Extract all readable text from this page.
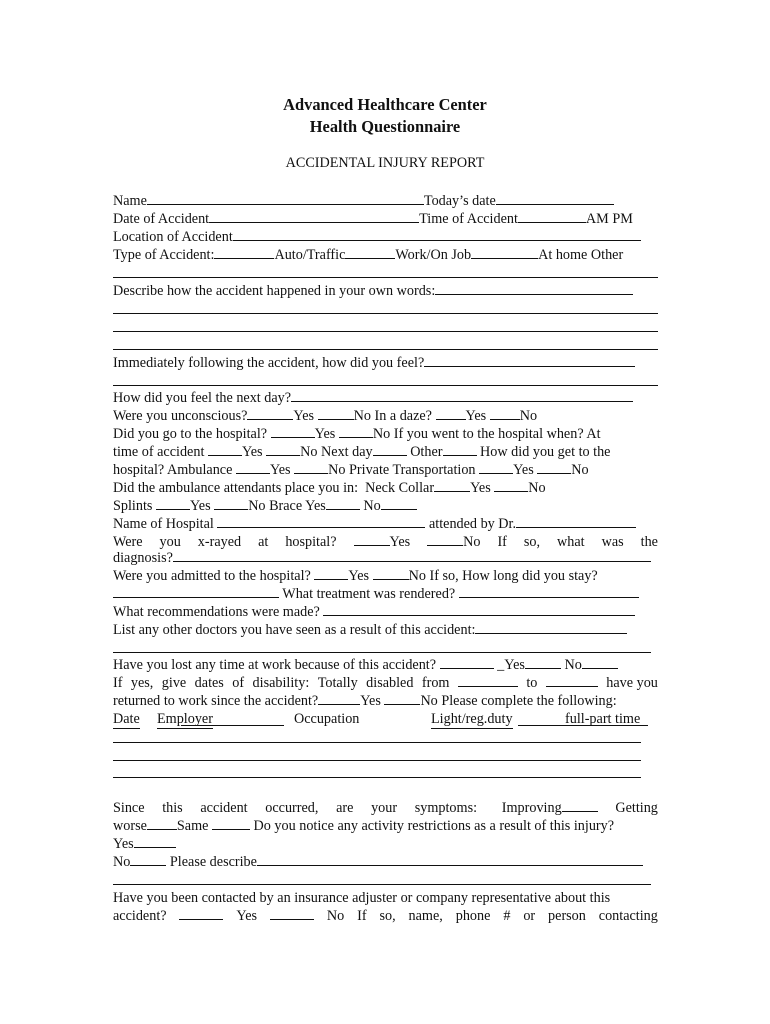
Advanced Healthcare Center
Health Questionnaire
ACCIDENTAL INJURY REPORT
Name	Today’s date
Date of Accident	Time of Accident	AM PM
Location of Accident
Type of Accident:	Auto/Traffic	Work/On Job	At home Other
Describe how the accident happened in your own words:
Immediately following the accident, how did you feel?
How did you feel the next day?
Were you unconscious?	Yes	No In a daze? Yes No
Did you go to the hospital?	Yes	No If you went to the hospital when? At
time of accident	Yes	No Next day	Other	How did you get to the
hospital? Ambulance	Yes	No Private Transportation	Yes	No
Did the ambulance attendants place you in: Neck Collar	Yes	No
Splints	Yes	No Brace Yes	No
Name of Hospital	attended by Dr.
Were you x-rayed at hospital?	Yes	No If so, what was the
diagnosis?
Were you admitted to the hospital?	Yes	No If so, How long did you stay?
What treatment was rendered?
What recommendations were made?
List any other doctors you have seen as a result of this accident:
Have you lost any time at work because of this accident?	_Yes	No
If yes, give dates of disability: Totally disabled from	to	have you
returned to work since the accident?	Yes	No Please complete the following:
Date Employer	Occupation	Light/reg.duty	full-part time
Since this accident occurred, are your symptoms:	Improving	Getting
worse Same	Do you notice any activity restrictions as a result of this injury?
Yes
No	Please describe
Have you been contacted by an insurance adjuster or company representative about this
accident?	Yes	No If so, name, phone # or person contacting
